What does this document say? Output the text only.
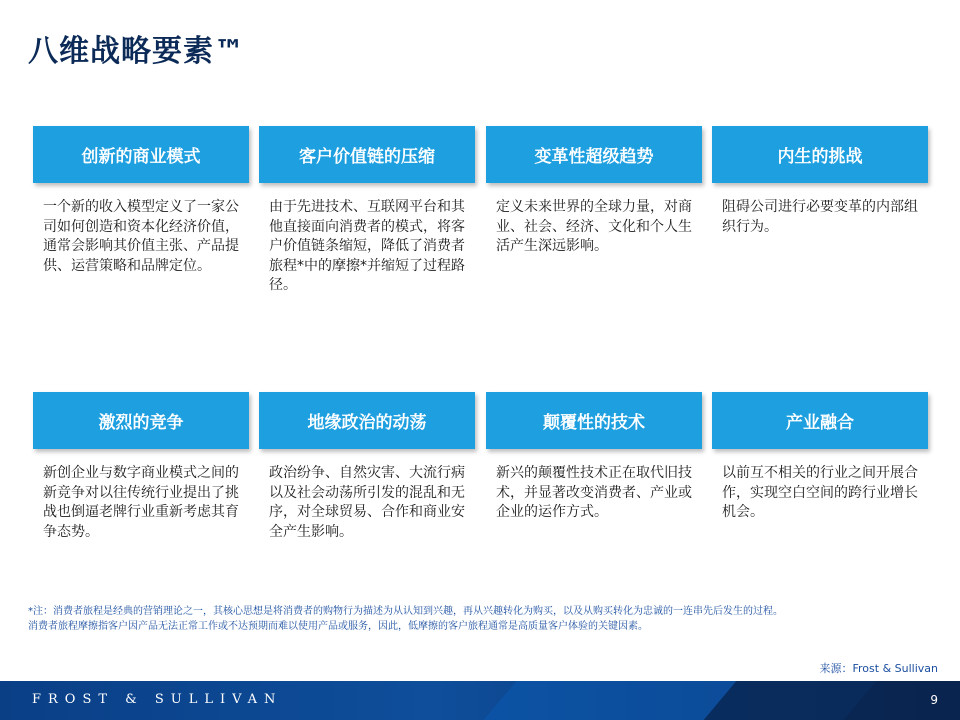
八维战略要素™
创新的商业模式
一个新的收入模型定义了一家公司如何创造和资本化经济价值，通常会影响其价值主张、产品提供、运营策略和品牌定位。
客户价值链的压缩
由于先进技术、互联网平台和其他直接面向消费者的模式，将客户价值链条缩短，降低了消费者旅程*中的摩擦*并缩短了过程路径。
变革性超级趋势
定义未来世界的全球力量，对商业、社会、经济、文化和个人生活产生深远影响。
内生的挑战
阻碍公司进行必要变革的内部组织行为。
激烈的竞争
新创企业与数字商业模式之间的新竞争对以往传统行业提出了挑战也倒逼老牌行业重新考虑其育争态势。
地缘政治的动荡
政治纷争、自然灾害、大流行病以及社会动荡所引发的混乱和无序，对全球贸易、合作和商业安全产生影响。
颠覆性的技术
新兴的颠覆性技术正在取代旧技术，并显著改变消费者、产业或企业的运作方式。
产业融合
以前互不相关的行业之间开展合作，实现空白空间的跨行业增长机会。
*注：消费者旅程是经典的营销理论之一，其核心思想是将消费者的购物行为描述为从认知到兴趣，再从兴趣转化为购买，以及从购买转化为忠诚的一连串先后发生的过程。
消费者旅程摩擦指客户因产品无法正常工作或不达预期而难以使用产品或服务，因此，低摩擦的客户旅程通常是高质量客户体验的关键因素。
来源：Frost & Sullivan
FROST & SULLIVAN	9
